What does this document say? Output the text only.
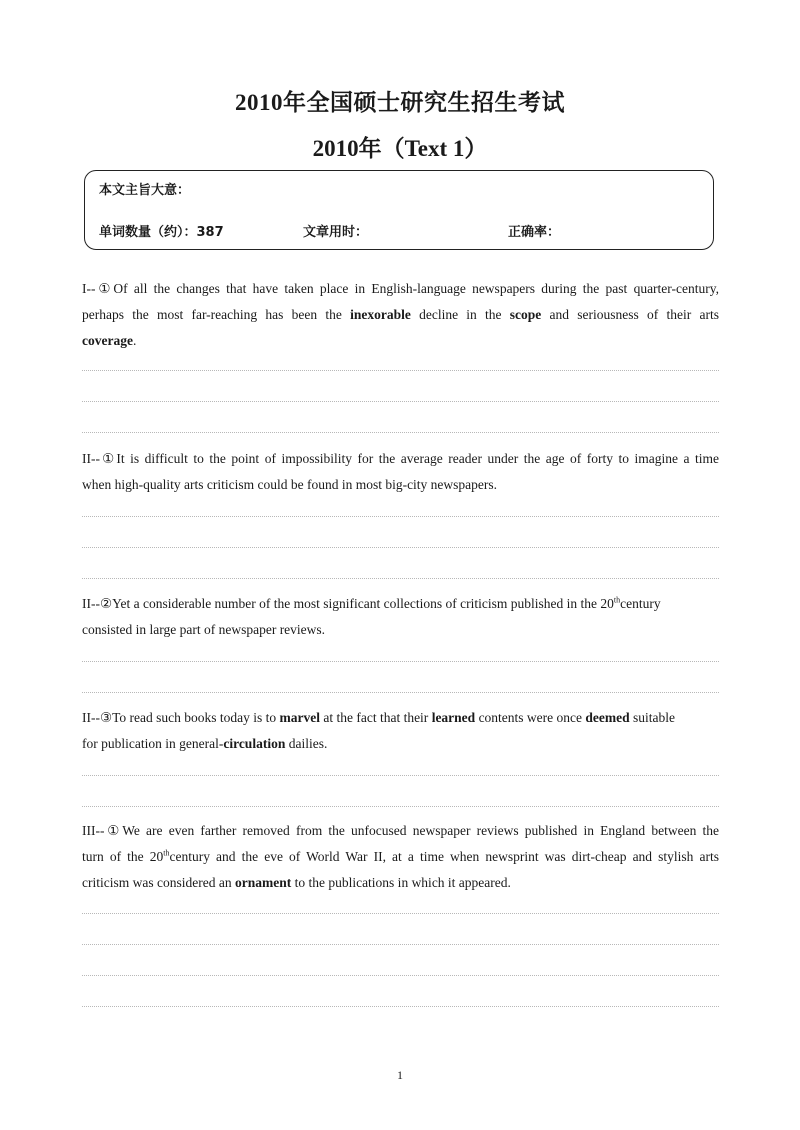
2010年全国硕士研究生招生考试
2010年（Text 1）
本文主旨大意：
单词数量（约）：387	文章用时：	正确率：
I--①Of all the changes that have taken place in English-language newspapers during the past quarter-century,
perhaps the most far-reaching has been the inexorable decline in the scope and seriousness of their arts
coverage.
II--①It is difficult to the point of impossibility for the average reader under the age of forty to imagine a time
when high-quality arts criticism could be found in most big-city newspapers.
II--②Yet a considerable number of the most significant collections of criticism published in the 20thcentury
consisted in large part of newspaper reviews.
II--③To read such books today is to marvel at the fact that their learned contents were once deemed suitable
for publication in general-circulation dailies.
III--①We are even farther removed from the unfocused newspaper reviews published in England between the
turn of the 20thcentury and the eve of World War II, at a time when newsprint was dirt-cheap and stylish arts
criticism was considered an ornament to the publications in which it appeared.
1
